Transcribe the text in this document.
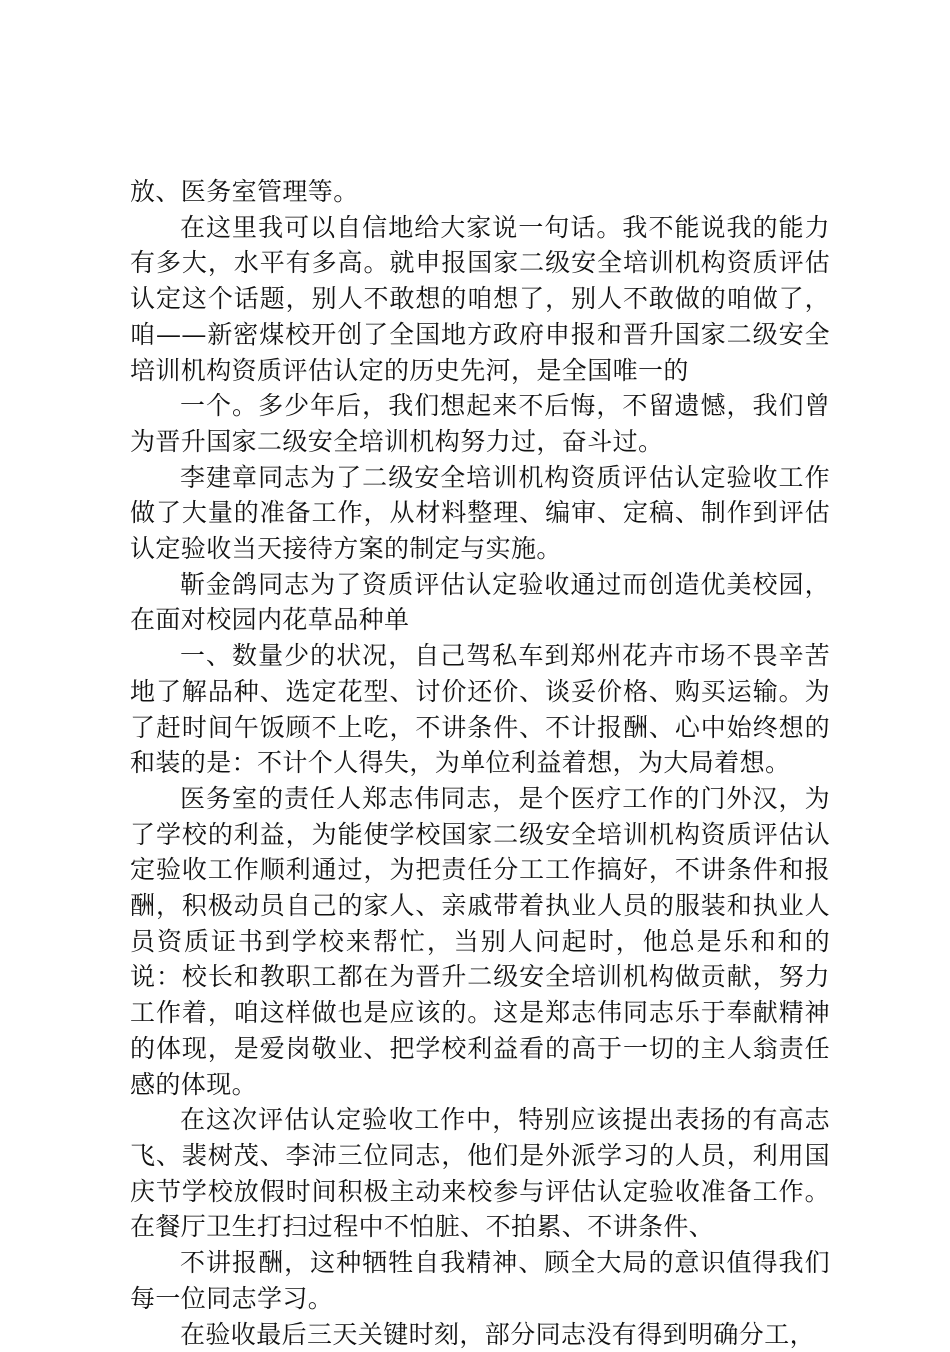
放、医务室管理等。

在这里我可以自信地给大家说一句话。我不能说我的能力有多大，水平有多高。就申报国家二级安全培训机构资质评估认定这个话题，别人不敢想的咱想了，别人不敢做的咱做了，咱——新密煤校开创了全国地方政府申报和晋升国家二级安全培训机构资质评估认定的历史先河，是全国唯一的

一个。多少年后，我们想起来不后悔，不留遗憾，我们曾为晋升国家二级安全培训机构努力过，奋斗过。

李建章同志为了二级安全培训机构资质评估认定验收工作做了大量的准备工作，从材料整理、编审、定稿、制作到评估认定验收当天接待方案的制定与实施。

靳金鸽同志为了资质评估认定验收通过而创造优美校园，在面对校园内花草品种单

一、数量少的状况，自己驾私车到郑州花卉市场不畏辛苦地了解品种、选定花型、讨价还价、谈妥价格、购买运输。为了赶时间午饭顾不上吃，不讲条件、不计报酬、心中始终想的和装的是：不计个人得失，为单位利益着想，为大局着想。

医务室的责任人郑志伟同志，是个医疗工作的门外汉，为了学校的利益，为能使学校国家二级安全培训机构资质评估认定验收工作顺利通过，为把责任分工工作搞好，不讲条件和报酬，积极动员自己的家人、亲戚带着执业人员的服装和执业人员资质证书到学校来帮忙，当别人问起时，他总是乐和和的说：校长和教职工都在为晋升二级安全培训机构做贡献，努力工作着，咱这样做也是应该的。这是郑志伟同志乐于奉献精神的体现，是爱岗敬业、把学校利益看的高于一切的主人翁责任感的体现。

在这次评估认定验收工作中，特别应该提出表扬的有高志飞、裴树茂、李沛三位同志，他们是外派学习的人员，利用国庆节学校放假时间积极主动来校参与评估认定验收准备工作。在餐厅卫生打扫过程中不怕脏、不拍累、不讲条件、

不讲报酬，这种牺牲自我精神、顾全大局的意识值得我们每一位同志学习。

在验收最后三天关键时刻，部分同志没有得到明确分工，
